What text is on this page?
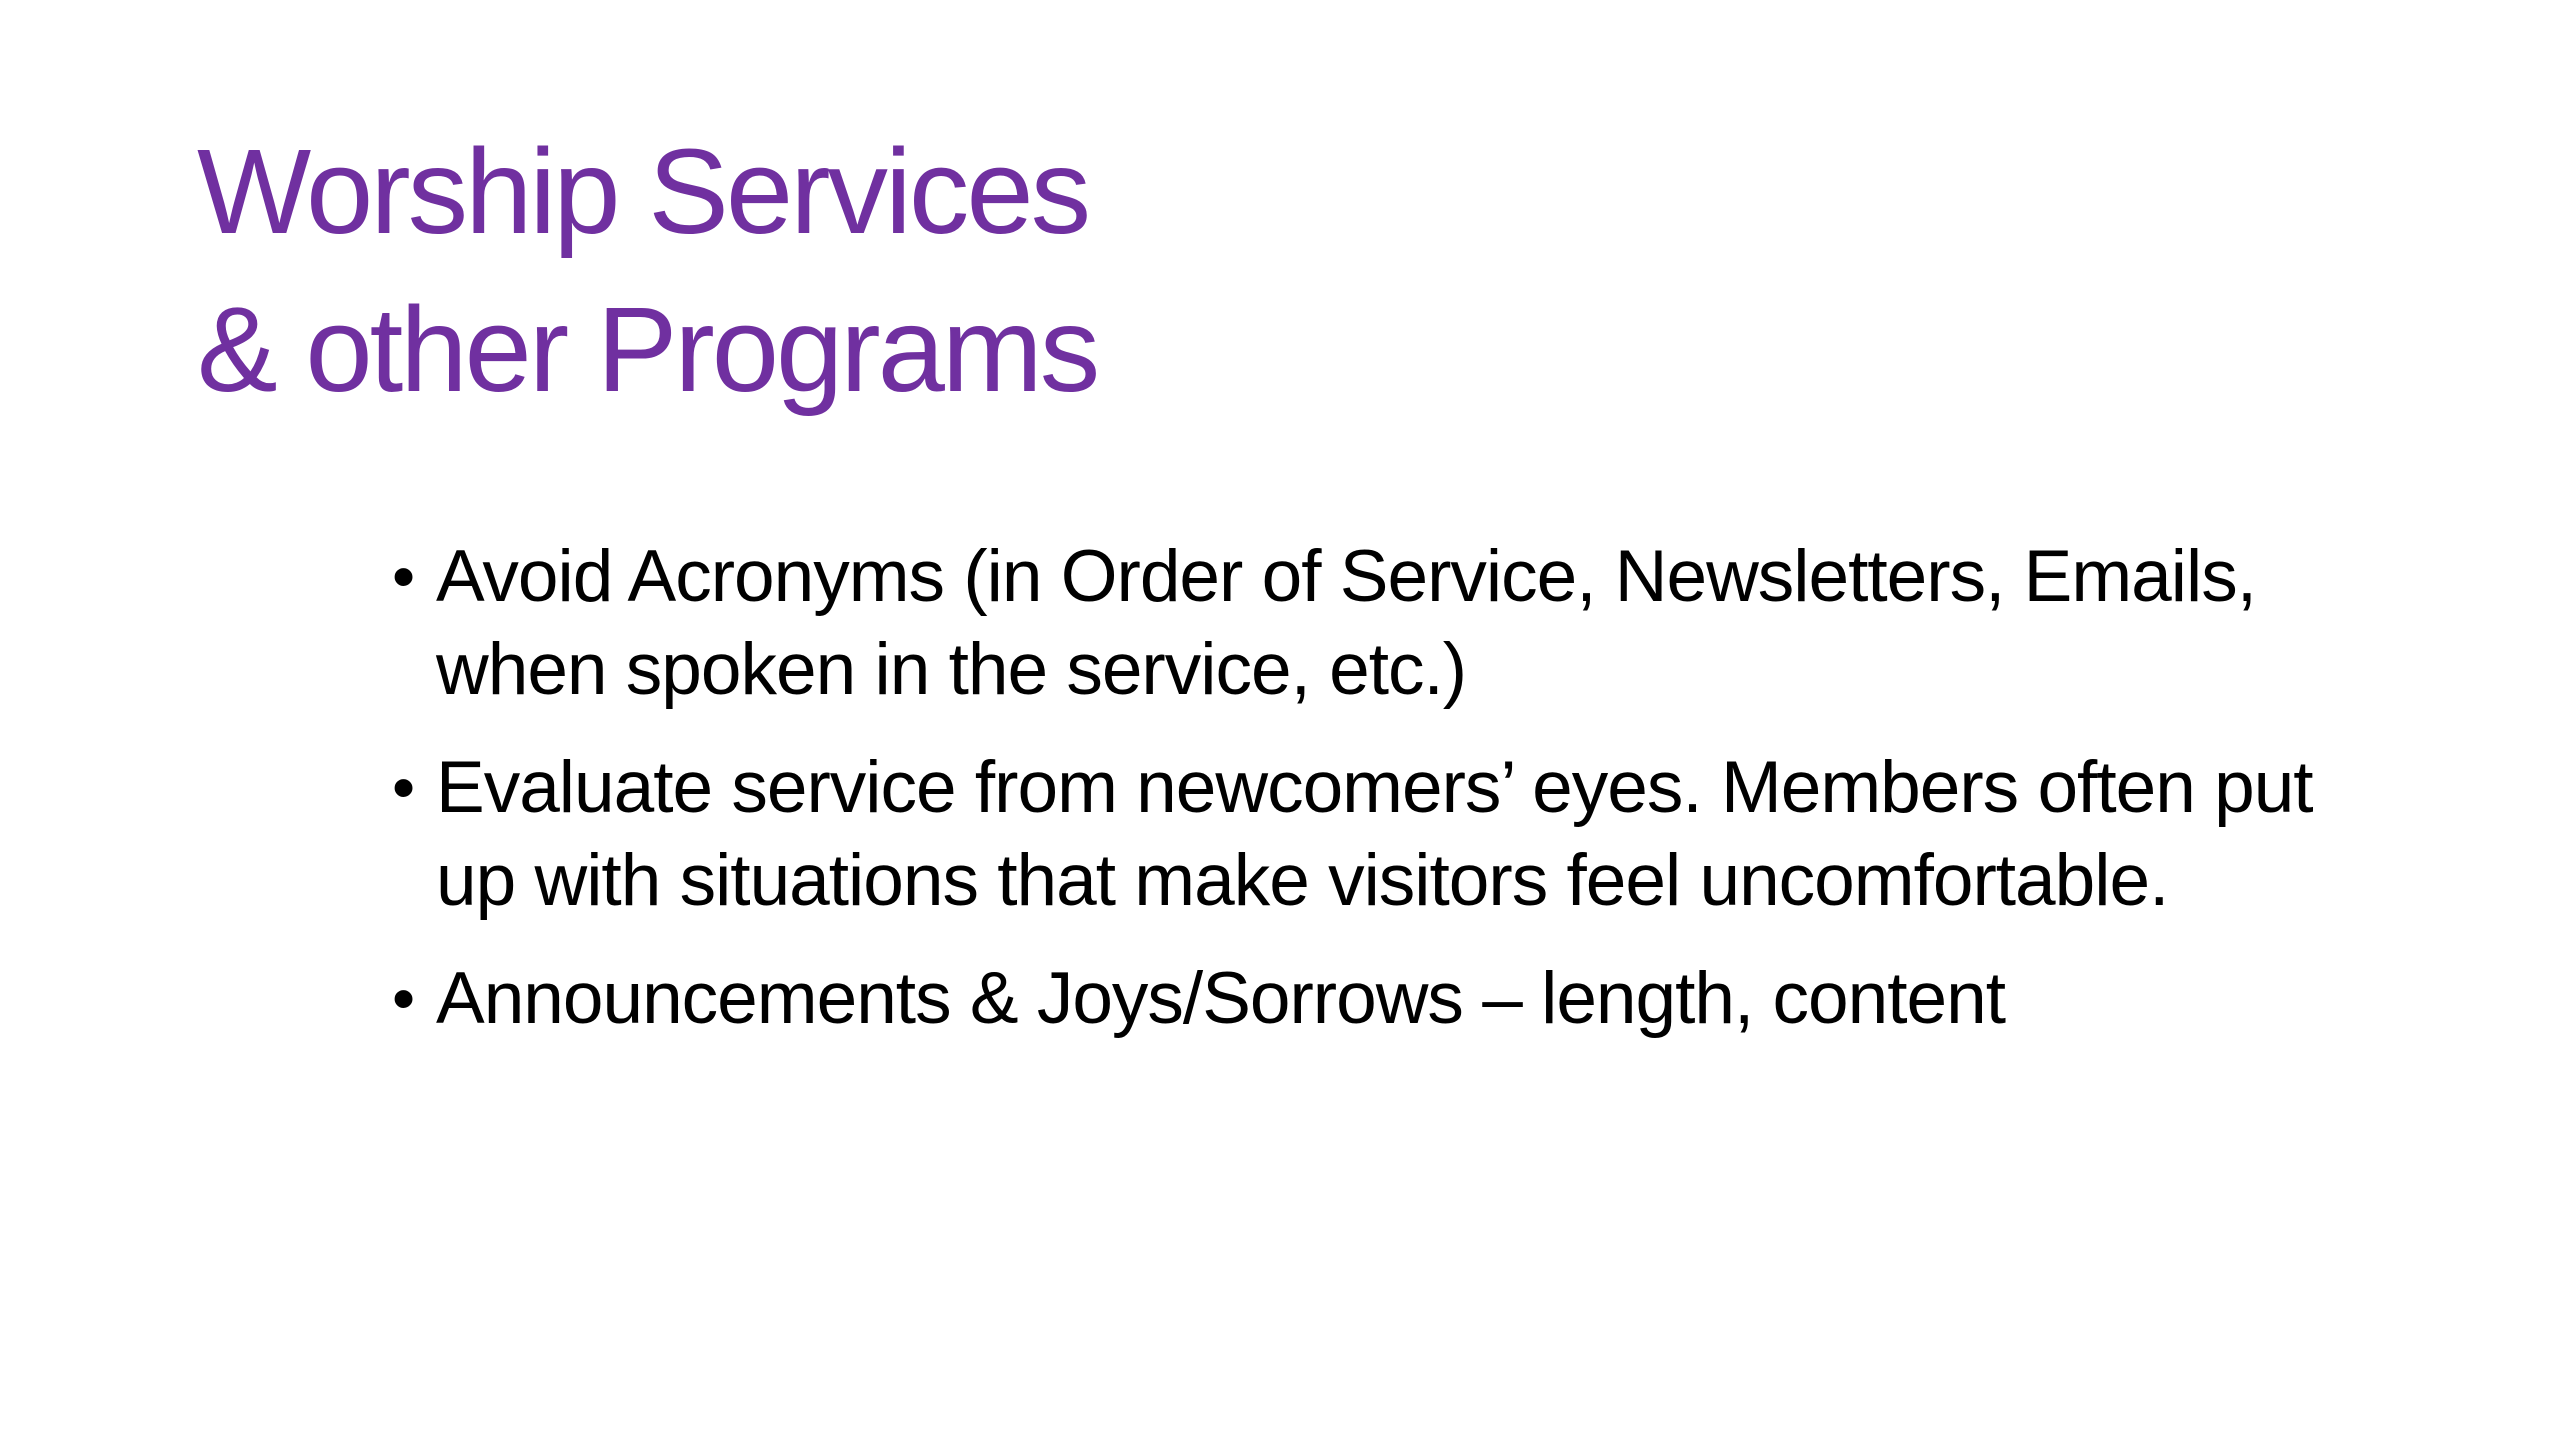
Worship Services
& other Programs
• Avoid Acronyms (in Order of Service, Newsletters, Emails, when spoken in the service, etc.)
• Evaluate service from newcomers’ eyes. Members often put up with situations that make visitors feel uncomfortable.
• Announcements & Joys/Sorrows – length, content
